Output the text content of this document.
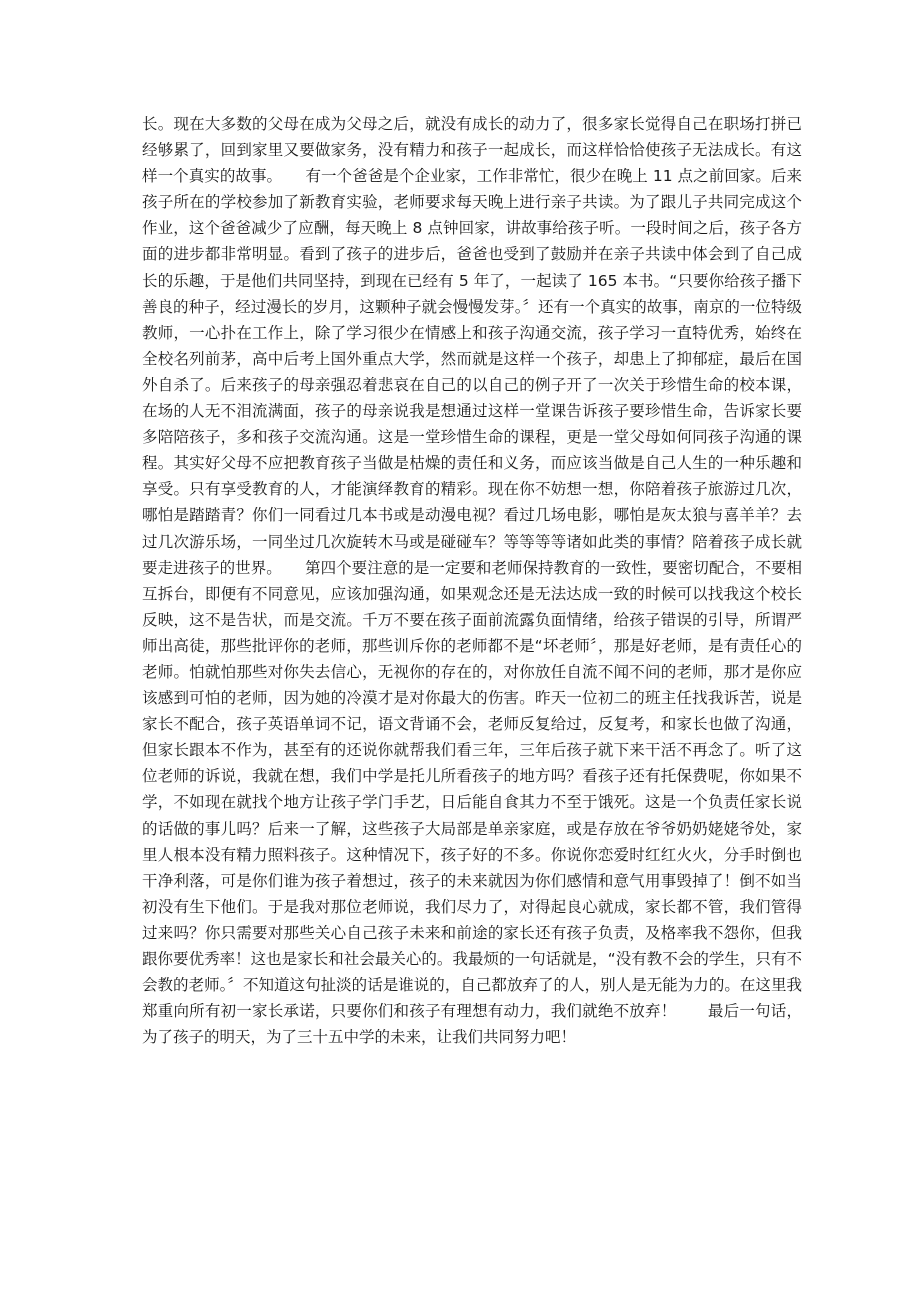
长。现在大多数的父母在成为父母之后，就没有成长的动力了，很多家长觉得自己在职场打拼已经够累了，回到家里又要做家务，没有精力和孩子一起成长，而这样恰恰使孩子无法成长。有这样一个真实的故事。　　有一个爸爸是个企业家，工作非常忙，很少在晚上 11 点之前回家。后来孩子所在的学校参加了新教育实验，老师要求每天晚上进行亲子共读。为了跟儿子共同完成这个作业，这个爸爸减少了应酬，每天晚上 8 点钟回家，讲故事给孩子听。一段时间之后，孩子各方面的进步都非常明显。看到了孩子的进步后，爸爸也受到了鼓励并在亲子共读中体会到了自己成长的乐趣，于是他们共同坚持，到现在已经有 5 年了，一起读了 165 本书。“只要你给孩子播下善良的种子，经过漫长的岁月，这颗种子就会慢慢发芽。〞还有一个真实的故事，南京的一位特级教师，一心扑在工作上，除了学习很少在情感上和孩子沟通交流，孩子学习一直特优秀，始终在全校名列前茅，高中后考上国外重点大学，然而就是这样一个孩子，却患上了抑郁症，最后在国外自杀了。后来孩子的母亲强忍着悲哀在自己的以自己的例子开了一次关于珍惜生命的校本课，在场的人无不泪流满面，孩子的母亲说我是想通过这样一堂课告诉孩子要珍惜生命，告诉家长要多陪陪孩子，多和孩子交流沟通。这是一堂珍惜生命的课程，更是一堂父母如何同孩子沟通的课程。其实好父母不应把教育孩子当做是枯燥的责任和义务，而应该当做是自己人生的一种乐趣和享受。只有享受教育的人，才能演绎教育的精彩。现在你不妨想一想，你陪着孩子旅游过几次，哪怕是踏踏青？你们一同看过几本书或是动漫电视？看过几场电影，哪怕是灰太狼与喜羊羊？去过几次游乐场，一同坐过几次旋转木马或是碰碰车？等等等等诸如此类的事情？陪着孩子成长就要走进孩子的世界。　　第四个要注意的是一定要和老师保持教育的一致性，要密切配合，不要相互拆台，即便有不同意见，应该加强沟通，如果观念还是无法达成一致的时候可以找我这个校长反映，这不是告状，而是交流。千万不要在孩子面前流露负面情绪，给孩子错误的引导，所谓严师出高徒，那些批评你的老师，那些训斥你的老师都不是“坏老师〞，那是好老师，是有责任心的老师。怕就怕那些对你失去信心，无视你的存在的，对你放任自流不闻不问的老师，那才是你应该感到可怕的老师，因为她的冷漠才是对你最大的伤害。昨天一位初二的班主任找我诉苦，说是家长不配合，孩子英语单词不记，语文背诵不会，老师反复给过，反复考，和家长也做了沟通，但家长跟本不作为，甚至有的还说你就帮我们看三年，三年后孩子就下来干活不再念了。听了这位老师的诉说，我就在想，我们中学是托儿所看孩子的地方吗？看孩子还有托保费呢，你如果不学，不如现在就找个地方让孩子学门手艺，日后能自食其力不至于饿死。这是一个负责任家长说的话做的事儿吗？后来一了解，这些孩子大局部是单亲家庭，或是存放在爷爷奶奶姥姥爷处，家里人根本没有精力照料孩子。这种情况下，孩子好的不多。你说你恋爱时红红火火，分手时倒也干净利落，可是你们谁为孩子着想过，孩子的未来就因为你们感情和意气用事毁掉了！倒不如当初没有生下他们。于是我对那位老师说，我们尽力了，对得起良心就成，家长都不管，我们管得过来吗？你只需要对那些关心自己孩子未来和前途的家长还有孩子负责，及格率我不怨你，但我跟你要优秀率！这也是家长和社会最关心的。我最烦的一句话就是，“没有教不会的学生，只有不会教的老师。〞不知道这句扯淡的话是谁说的，自己都放弃了的人，别人是无能为力的。在这里我郑重向所有初一家长承诺，只要你们和孩子有理想有动力，我们就绝不放弃！　　最后一句话，为了孩子的明天，为了三十五中学的未来，让我们共同努力吧！
